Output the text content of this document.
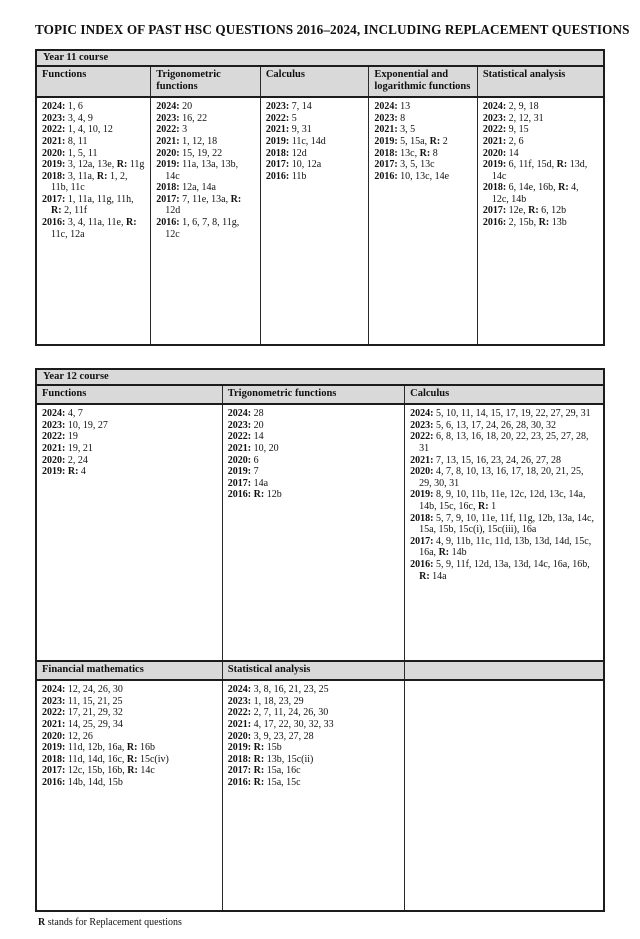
TOPIC INDEX OF PAST HSC QUESTIONS 2016–2024, INCLUDING REPLACEMENT QUESTIONS
Year 11 course				
Functions	Trigonometric functions	Calculus	Exponential and logarithmic functions	Statistical analysis

2024: 1, 6
2023: 3, 4, 9
2022: 1, 4, 10, 12
2021: 8, 11
2020: 1, 5, 11
2019: 3, 12a, 13e, R: 11g
2018: 3, 11a, R: 1, 2, 11b, 11c
2017: 1, 11a, 11g, 11h, R: 2, 11f
2016: 3, 4, 11a, 11e, R: 11c, 12a

2024: 20
2023: 16, 22
2022: 3
2021: 1, 12, 18
2020: 15, 19, 22
2019: 11a, 13a, 13b, 14c
2018: 12a, 14a
2017: 7, 11e, 13a, R: 12d
2016: 1, 6, 7, 8, 11g, 12c

2023: 7, 14
2022: 5
2021: 9, 31
2019: 11c, 14d
2018: 12d
2017: 10, 12a
2016: 11b

2024: 13
2023: 8
2021: 3, 5
2019: 5, 15a, R: 2
2018: 13c, R: 8
2017: 3, 5, 13c
2016: 10, 13c, 14e

2024: 2, 9, 18
2023: 2, 12, 31
2022: 9, 15
2021: 2, 6
2020: 14
2019: 6, 11f, 15d, R: 13d, 14c
2018: 6, 14e, 16b, R: 4, 12c, 14b
2017: 12e, R: 6, 12b
2016: 2, 15b, R: 13b
Year 12 course		
Functions	Trigonometric functions	Calculus

2024: 4, 7
2023: 10, 19, 27
2022: 19
2021: 19, 21
2020: 2, 24
2019: R: 4

2024: 28
2023: 20
2022: 14
2021: 10, 20
2020: 6
2019: 7
2017: 14a
2016: R: 12b

2024: 5, 10, 11, 14, 15, 17, 19, 22, 27, 29, 31
2023: 5, 6, 13, 17, 24, 26, 28, 30, 32
2022: 6, 8, 13, 16, 18, 20, 22, 23, 25, 27, 28, 31
2021: 7, 13, 15, 16, 23, 24, 26, 27, 28
2020: 4, 7, 8, 10, 13, 16, 17, 18, 20, 21, 25, 29, 30, 31
2019: 8, 9, 10, 11b, 11e, 12c, 12d, 13c, 14a, 14b, 15c, 16c, R: 1
2018: 5, 7, 9, 10, 11e, 11f, 11g, 12b, 13a, 14c, 15a, 15b, 15c(i), 15c(iii), 16a
2017: 4, 9, 11b, 11c, 11d, 13b, 13d, 14d, 15c, 16a, R: 14b
2016: 5, 9, 11f, 12d, 13a, 13d, 14c, 16a, 16b, R: 14a

Financial mathematics	Statistical analysis	

2024: 12, 24, 26, 30
2023: 11, 15, 21, 25
2022: 17, 21, 29, 32
2021: 14, 25, 29, 34
2020: 12, 26
2019: 11d, 12b, 16a, R: 16b
2018: 11d, 14d, 16c, R: 15c(iv)
2017: 12c, 15b, 16b, R: 14c
2016: 14b, 14d, 15b

2024: 3, 8, 16, 21, 23, 25
2023: 1, 18, 23, 29
2022: 2, 7, 11, 24, 26, 30
2021: 4, 17, 22, 30, 32, 33
2020: 3, 9, 23, 27, 28
2019: R: 15b
2018: R: 13b, 15c(ii)
2017: R: 15a, 16c
2016: R: 15a, 15c

R stands for Replacement questions
